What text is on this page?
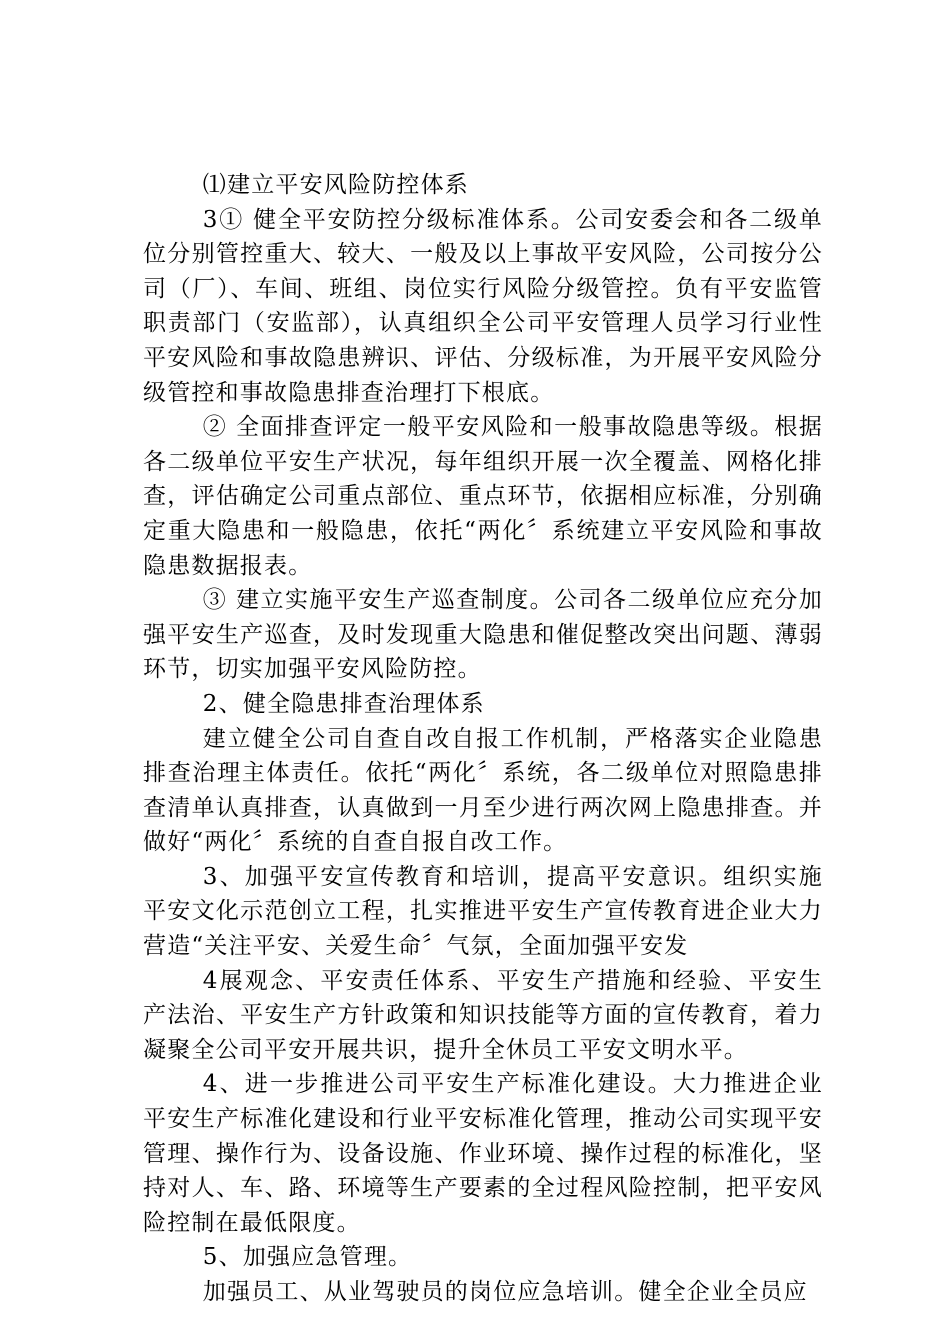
⑴建立平安风险防控体系

3① 健全平安防控分级标准体系。公司安委会和各二级单位分别管控重大、较大、一般及以上事故平安风险，公司按分公司（厂）、车间、班组、岗位实行风险分级管控。负有平安监管职责部门（安监部），认真组织全公司平安管理人员学习行业性平安风险和事故隐患辨识、评估、分级标准，为开展平安风险分级管控和事故隐患排查治理打下根底。

② 全面排查评定一般平安风险和一般事故隐患等级。根据各二级单位平安生产状况，每年组织开展一次全覆盖、网格化排查，评估确定公司重点部位、重点环节，依据相应标准，分别确定重大隐患和一般隐患，依托“两化〞系统建立平安风险和事故隐患数据报表。

③ 建立实施平安生产巡查制度。公司各二级单位应充分加强平安生产巡查，及时发现重大隐患和催促整改突出问题、薄弱环节，切实加强平安风险防控。

2、健全隐患排查治理体系

建立健全公司自查自改自报工作机制，严格落实企业隐患排查治理主体责任。依托“两化〞系统，各二级单位对照隐患排查清单认真排查，认真做到一月至少进行两次网上隐患排查。并做好“两化〞系统的自查自报自改工作。

3、加强平安宣传教育和培训，提高平安意识。组织实施平安文化示范创立工程，扎实推进平安生产宣传教育进企业大力营造“关注平安、关爱生命〞气氛，全面加强平安发

4展观念、平安责任体系、平安生产措施和经验、平安生产法治、平安生产方针政策和知识技能等方面的宣传教育，着力凝聚全公司平安开展共识，提升全休员工平安文明水平。

4、进一步推进公司平安生产标准化建设。大力推进企业平安生产标准化建设和行业平安标准化管理，推动公司实现平安管理、操作行为、设备设施、作业环境、操作过程的标准化，坚持对人、车、路、环境等生产要素的全过程风险控制，把平安风险控制在最低限度。

5、加强应急管理。

加强员工、从业驾驶员的岗位应急培训。健全企业全员应
